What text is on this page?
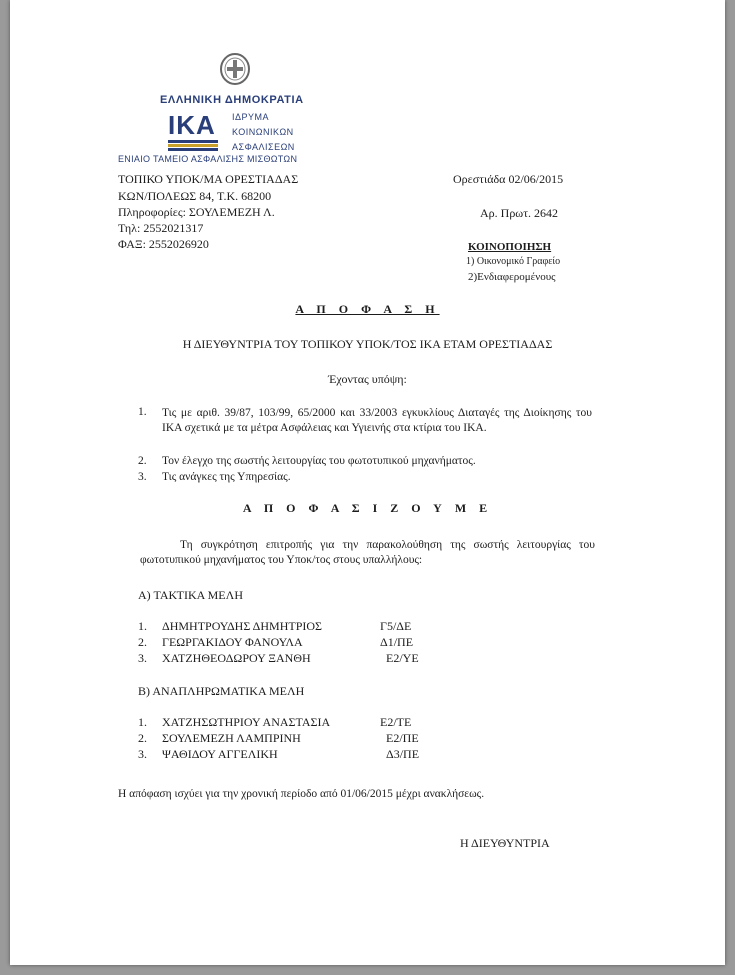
ΕΛΛΗΝΙΚΗ ΔΗΜΟΚΡΑΤΙΑ
ΙΚΑ ΙΔΡΥΜΑ
ΚΟΙΝΩΝΙΚΩΝ
ΑΣΦΑΛΙΣΕΩΝ
ΕΝΙΑΙΟ ΤΑΜΕΙΟ ΑΣΦΑΛΙΣΗΣ ΜΙΣΘΩΤΩΝ
ΤΟΠΙΚΟ ΥΠΟΚ/ΜΑ ΟΡΕΣΤΙΑΔΑΣ
ΚΩΝ/ΠΟΛΕΩΣ 84, Τ.Κ. 68200
Πληροφορίες: ΣΟΥΛΕΜΕΖΗ Λ.
Τηλ: 2552021317
ΦΑΞ: 2552026920
Ορεστιάδα 02/06/2015
Αρ. Πρωτ. 2642
ΚΟΙΝΟΠΟΙΗΣΗ
1) Οικονομικό Γραφείο
2)Ενδιαφερομένους
Α Π Ο Φ Α Σ Η
Η ΔΙΕΥΘΥΝΤΡΙΑ ΤΟΥ ΤΟΠΙΚΟΥ ΥΠΟΚ/ΤΟΣ ΙΚΑ ΕΤΑΜ ΟΡΕΣΤΙΑΔΑΣ
Έχοντας υπόψη:
1. Τις με αριθ. 39/87, 103/99, 65/2000 και 33/2003 εγκυκλίους Διαταγές της Διοίκησης του ΙΚΑ σχετικά με τα μέτρα Ασφάλειας και Υγιεινής στα κτίρια του ΙΚΑ.
2. Τον έλεγχο της σωστής λειτουργίας του φωτοτυπικού μηχανήματος.
3. Τις ανάγκες της Υπηρεσίας.
Α Π Ο Φ Α Σ Ι Ζ Ο Υ Μ Ε
Τη συγκρότηση επιτροπής για την παρακολούθηση της σωστής λειτουργίας του φωτοτυπικού μηχανήματος του Υποκ/τος στους υπαλλήλους:
Α) ΤΑΚΤΙΚΑ ΜΕΛΗ
1. ΔΗΜΗΤΡΟΥΔΗΣ ΔΗΜΗΤΡΙΟΣ	Γ5/ΔΕ
2. ΓΕΩΡΓΑΚΙΔΟΥ ΦΑΝΟΥΛΑ	Δ1/ΠΕ
3. ΧΑΤΖΗΘΕΟΔΩΡΟΥ ΞΑΝΘΗ	Ε2/ΥΕ
Β) ΑΝΑΠΛΗΡΩΜΑΤΙΚΑ ΜΕΛΗ
1. ΧΑΤΖΗΣΩΤΗΡΙΟΥ ΑΝΑΣΤΑΣΙΑ	Ε2/ΤΕ
2. ΣΟΥΛΕΜΕΖΗ ΛΑΜΠΡΙΝΗ	Ε2/ΠΕ
3. ΨΑΘΙΔΟΥ ΑΓΓΕΛΙΚΗ	Δ3/ΠΕ
Η απόφαση ισχύει για την χρονική περίοδο από 01/06/2015 μέχρι ανακλήσεως.
Η ΔΙΕΥΘΥΝΤΡΙΑ
